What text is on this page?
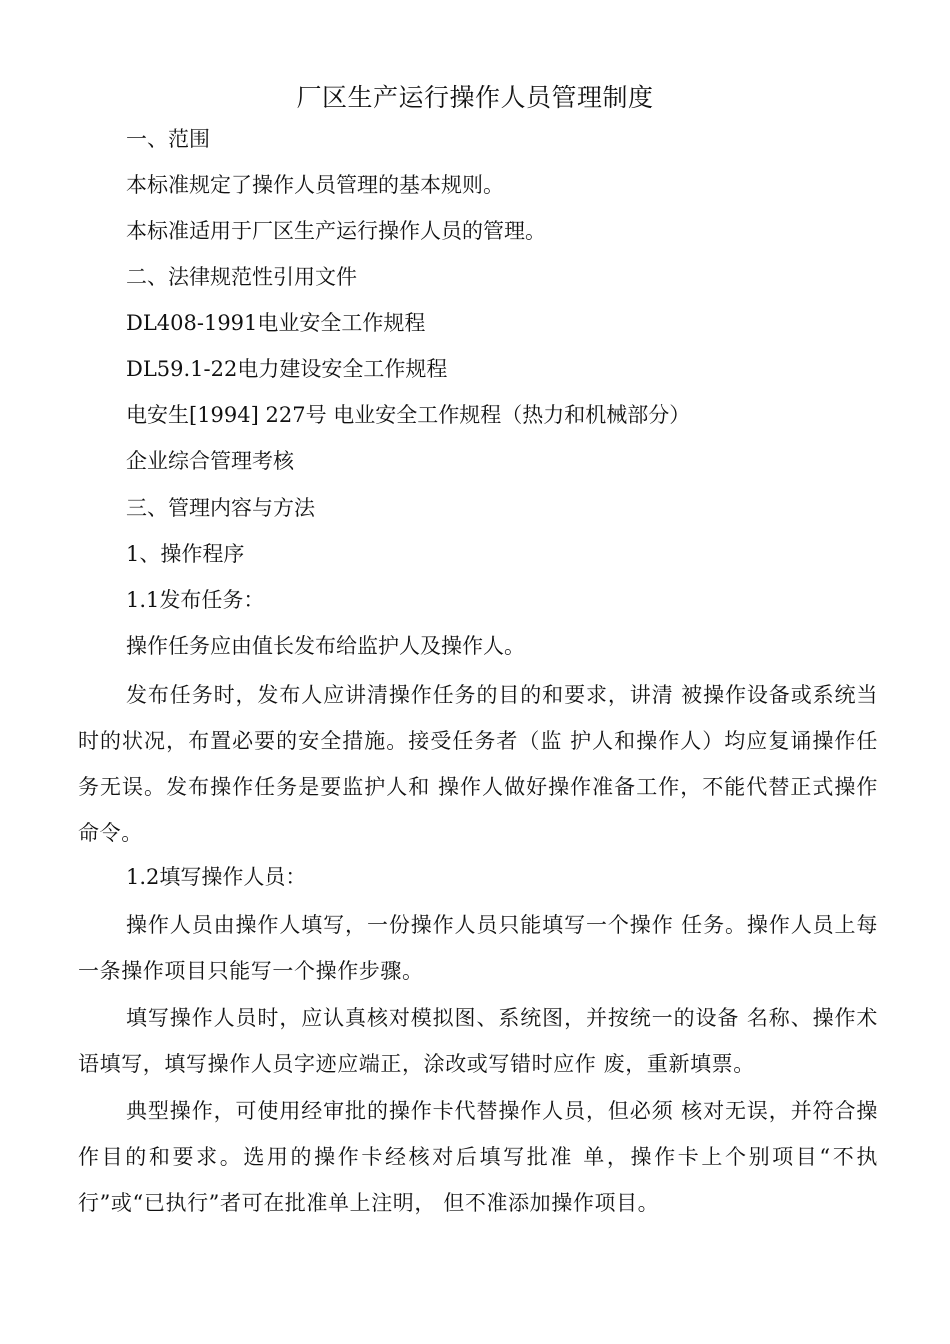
厂区生产运行操作人员管理制度
一、范围
本标准规定了操作人员管理的基本规则。
本标准适用于厂区生产运行操作人员的管理。
二、法律规范性引用文件
DL408-1991电业安全工作规程
DL59.1-22电力建设安全工作规程
电安生[1994] 227号 电业安全工作规程（热力和机械部分）
企业综合管理考核
三、管理内容与方法
1、操作程序
1.1发布任务：
操作任务应由值长发布给监护人及操作人。
发布任务时，发布人应讲清操作任务的目的和要求，讲清 被操作设备或系统当时的状况，布置必要的安全措施。接受任务者（监 护人和操作人）均应复诵操作任务无误。发布操作任务是要监护人和 操作人做好操作准备工作，不能代替正式操作命令。
1.2填写操作人员：
操作人员由操作人填写，一份操作人员只能填写一个操作 任务。操作人员上每一条操作项目只能写一个操作步骤。
填写操作人员时，应认真核对模拟图、系统图，并按统一的设备 名称、操作术语填写，填写操作人员字迹应端正，涂改或写错时应作 废，重新填票。
典型操作，可使用经审批的操作卡代替操作人员，但必须 核对无误，并符合操作目的和要求。选用的操作卡经核对后填写批准 单，操作卡上个别项目“不执行”或“已执行”者可在批准单上注明， 但不准添加操作项目。
